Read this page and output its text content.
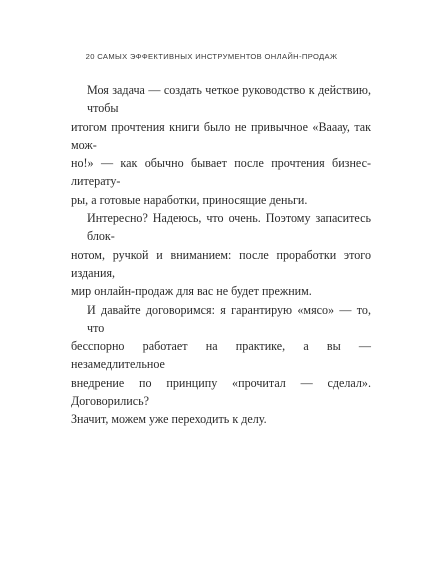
20 САМЫХ ЭФФЕКТИВНЫХ ИНСТРУМЕНТОВ ОНЛАЙН-ПРОДАЖ
Моя задача — создать четкое руководство к действию, чтобы
итогом прочтения книги было не привычное «Вааау, так мож-
но!» — как обычно бывает после прочтения бизнес-литерату-
ры, а готовые наработки, приносящие деньги.
Интересно? Надеюсь, что очень. Поэтому запаситесь блок-
нотом, ручкой и вниманием: после проработки этого издания,
мир онлайн-продаж для вас не будет прежним.
И давайте договоримся: я гарантирую «мясо» — то, что
бесспорно работает на практике, а вы — незамедлительное
внедрение по принципу «прочитал — сделал». Договорились?
Значит, можем уже переходить к делу.
